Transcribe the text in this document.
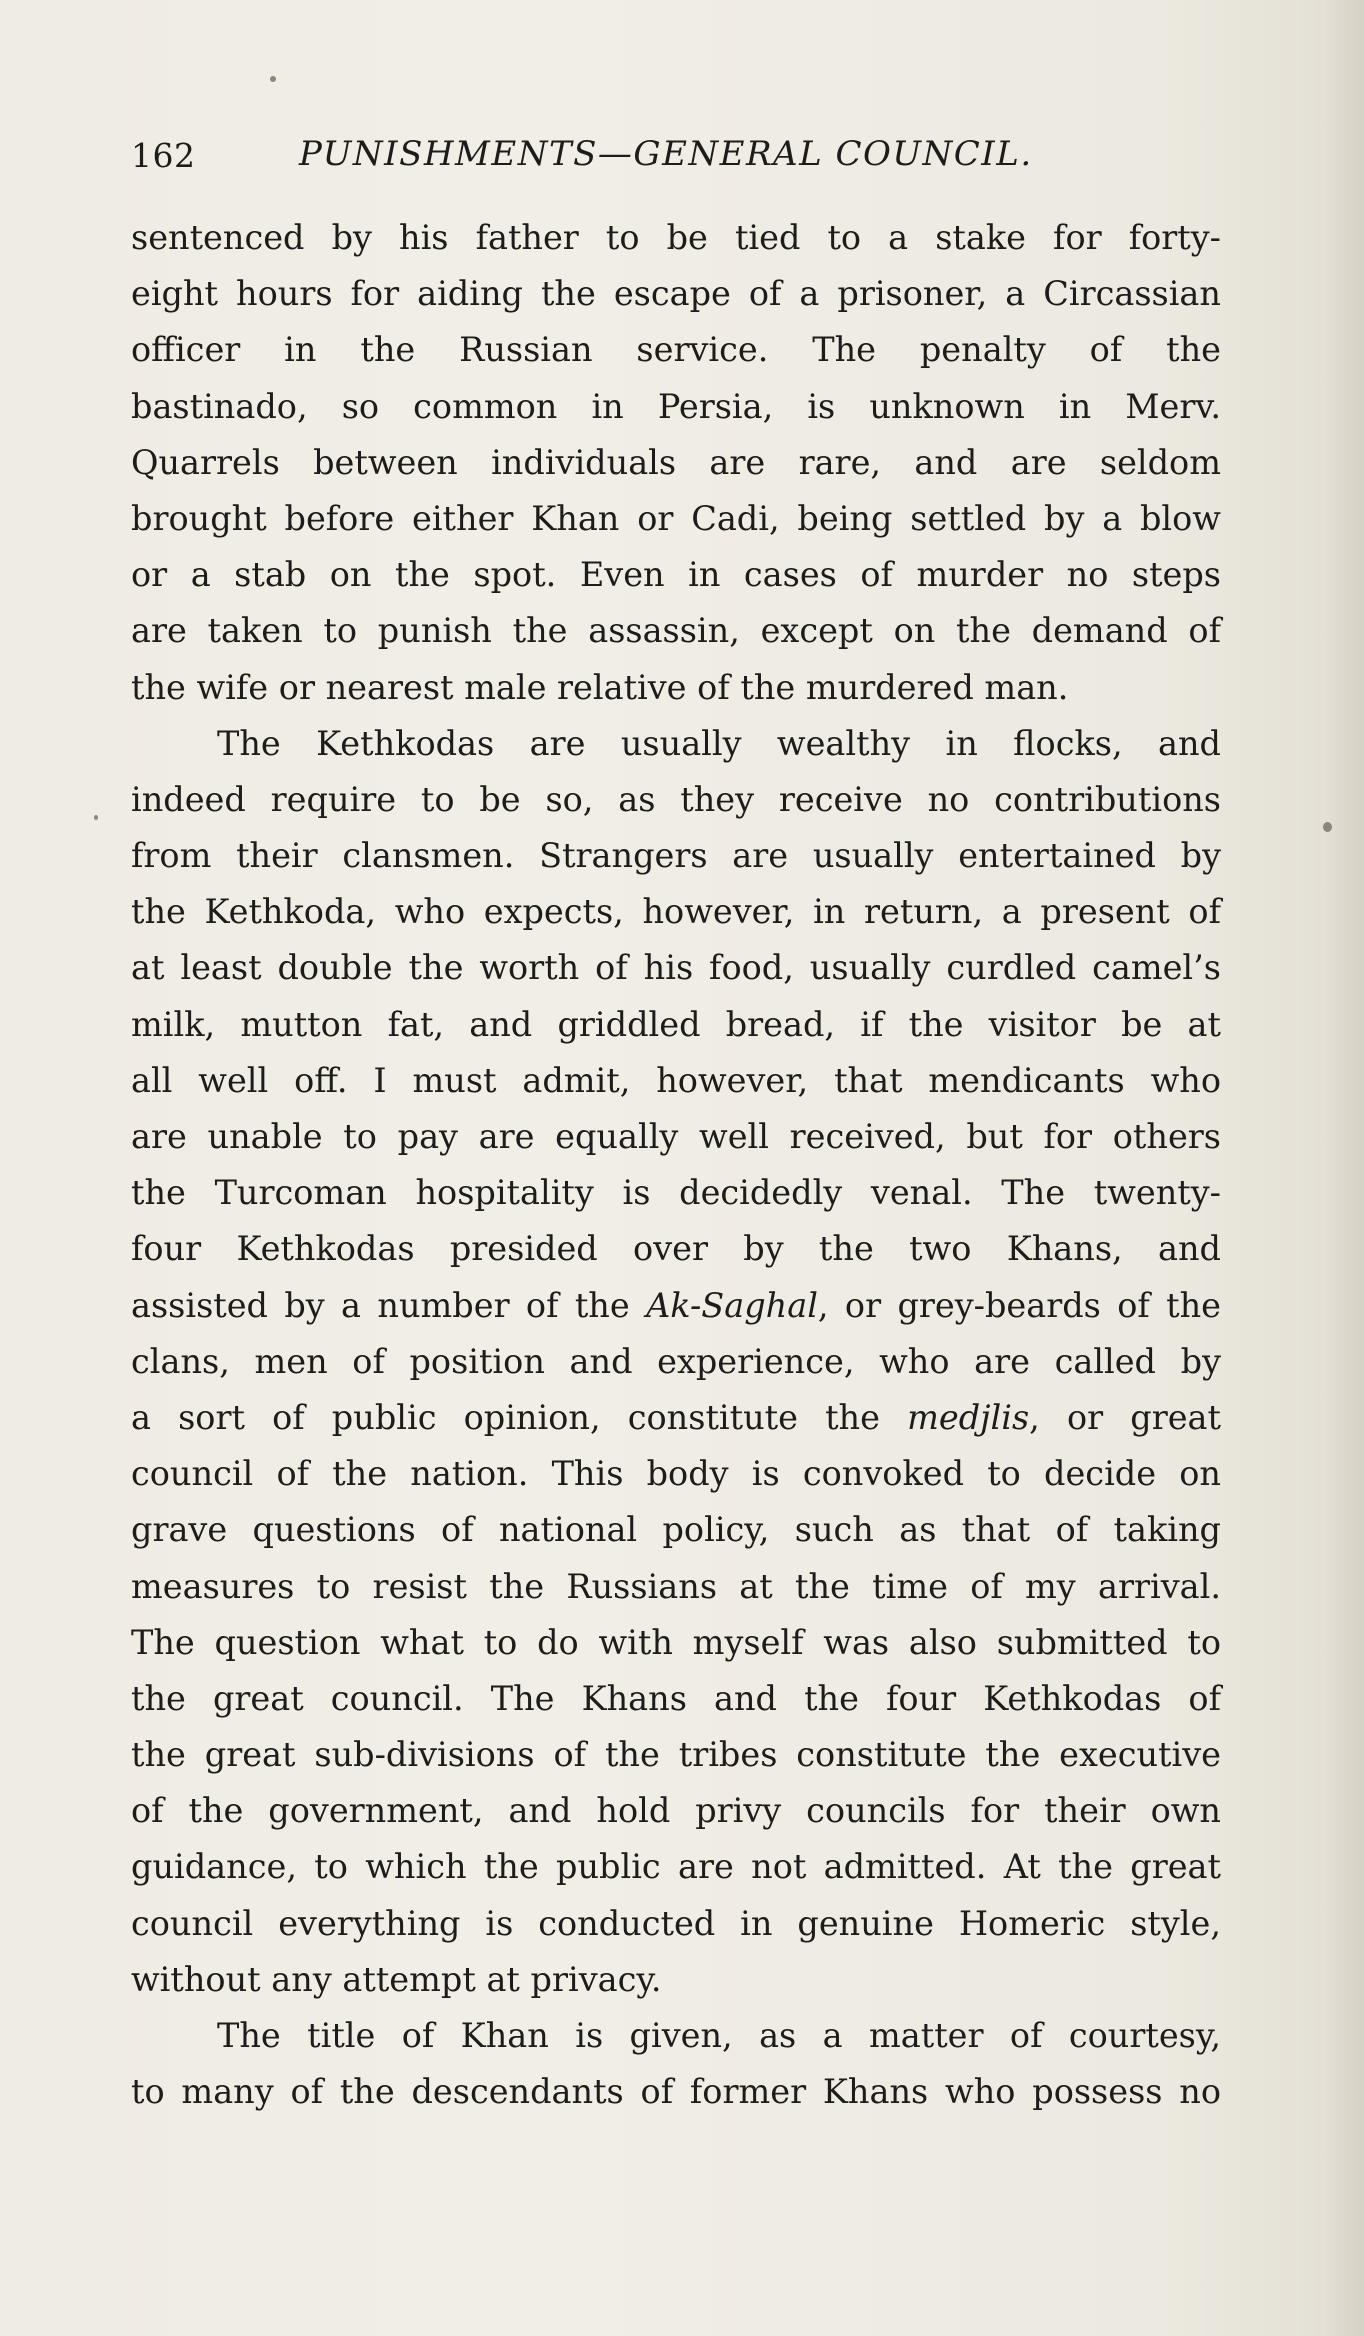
162	PUNISHMENTS—GENERAL COUNCIL.
sentenced by his father to be tied to a stake for forty-
eight hours for aiding the escape of a prisoner, a Circassian
officer in the Russian service. The penalty of the
bastinado, so common in Persia, is unknown in Merv.
Quarrels between individuals are rare, and are seldom
brought before either Khan or Cadi, being settled by a blow
or a stab on the spot. Even in cases of murder no steps
are taken to punish the assassin, except on the demand of
the wife or nearest male relative of the murdered man.
The Kethkodas are usually wealthy in flocks, and
indeed require to be so, as they receive no contributions
from their clansmen. Strangers are usually entertained by
the Kethkoda, who expects, however, in return, a present of
at least double the worth of his food, usually curdled camel’s
milk, mutton fat, and griddled bread, if the visitor be at
all well off. I must admit, however, that mendicants who
are unable to pay are equally well received, but for others
the Turcoman hospitality is decidedly venal. The twenty-
four Kethkodas presided over by the two Khans, and
assisted by a number of the Ak-Saghal, or grey-beards of the
clans, men of position and experience, who are called by
a sort of public opinion, constitute the medjlis, or great
council of the nation. This body is convoked to decide on
grave questions of national policy, such as that of taking
measures to resist the Russians at the time of my arrival.
The question what to do with myself was also submitted to
the great council. The Khans and the four Kethkodas of
the great sub-divisions of the tribes constitute the executive
of the government, and hold privy councils for their own
guidance, to which the public are not admitted. At the great
council everything is conducted in genuine Homeric style,
without any attempt at privacy.
The title of Khan is given, as a matter of courtesy,
to many of the descendants of former Khans who possess no
